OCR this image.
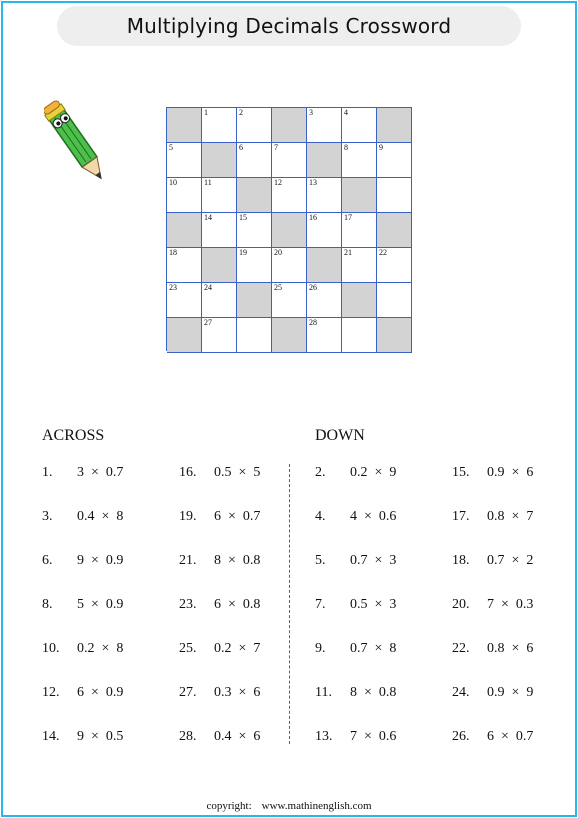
Multiplying Decimals Crossword
1	2	3	4
5	6	7	8	9
10	11	12	13
14	15	16	17
18	19	20	21	22
23	24	25	26
27	28
ACROSS	DOWN
1. 3  ×  0.7
3. 0.4  ×  8
6. 9  ×  0.9
8. 5  ×  0.9
10. 0.2  ×  8
12. 6  ×  0.9
14. 9  ×  0.5
16. 0.5  ×  5
19. 6  ×  0.7
21. 8  ×  0.8
23. 6  ×  0.8
25. 0.2  ×  7
27. 0.3  ×  6
28. 0.4  ×  6
2. 0.2  ×  9
4. 4  ×  0.6
5. 0.7  ×  3
7. 0.5  ×  3
9. 0.7  ×  8
11. 8  ×  0.8
13. 7  ×  0.6
15. 0.9  ×  6
17. 0.8  ×  7
18. 0.7  ×  2
20. 7  ×  0.3
22. 0.8  ×  6
24. 0.9  ×  9
26. 6  ×  0.7
copyright: www.mathinenglish.com
